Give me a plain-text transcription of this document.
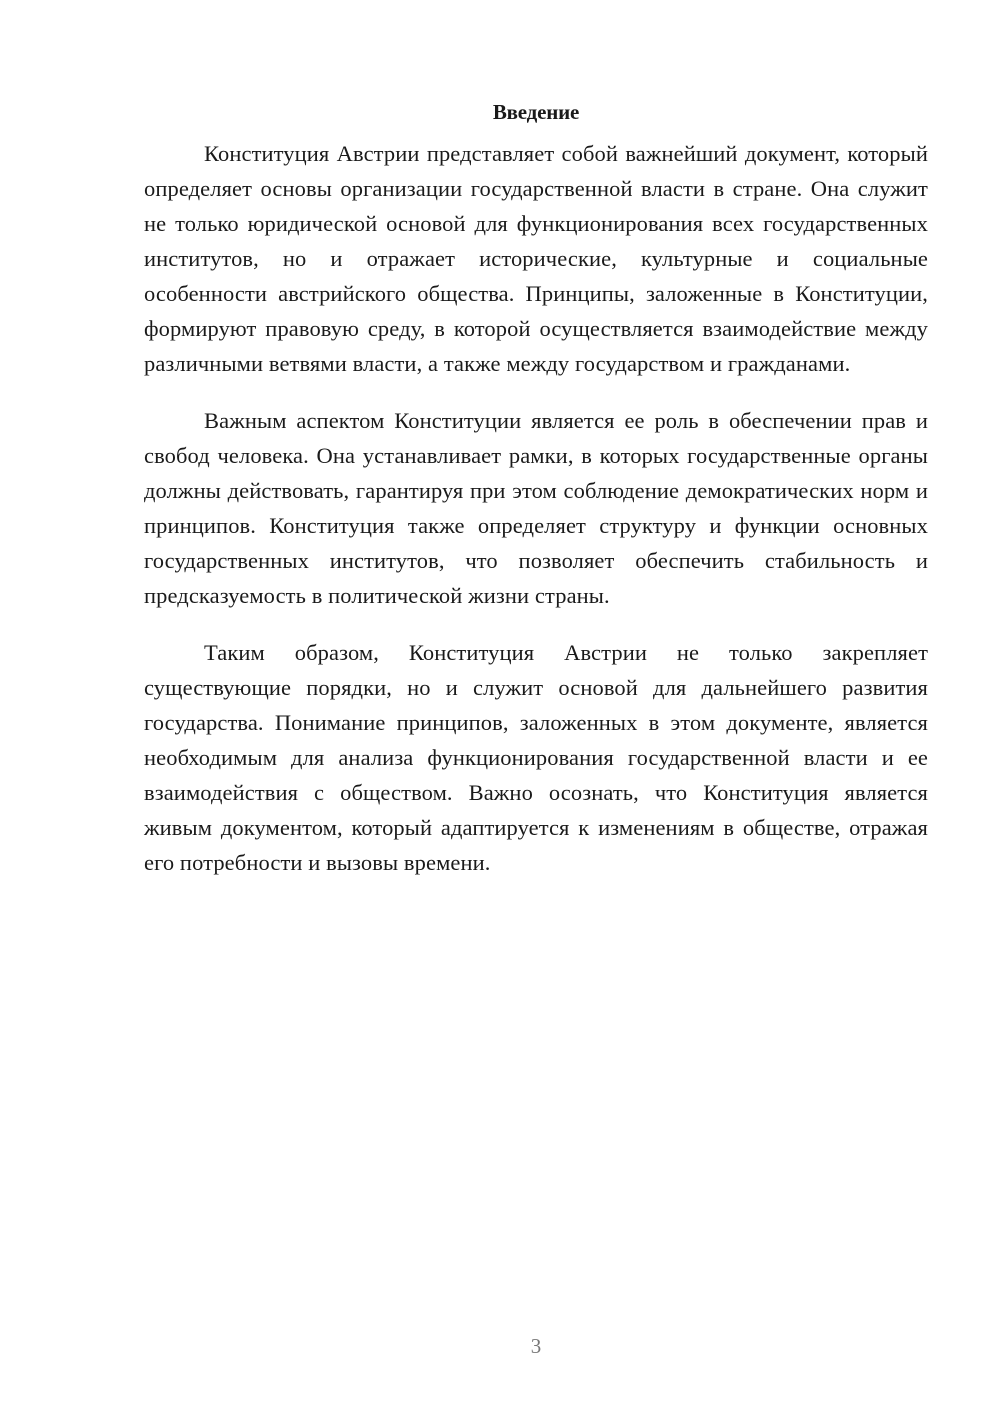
Введение

Конституция Австрии представляет собой важнейший документ, который определяет основы организации государственной власти в стране. Она служит не только юридической основой для функционирования всех государственных институтов, но и отражает исторические, культурные и социальные особенности австрийского общества. Принципы, заложенные в Конституции, формируют правовую среду, в которой осуществляется взаимодействие между различными ветвями власти, а также между государством и гражданами.

Важным аспектом Конституции является ее роль в обеспечении прав и свобод человека. Она устанавливает рамки, в которых государственные органы должны действовать, гарантируя при этом соблюдение демократических норм и принципов. Конституция также определяет структуру и функции основных государственных институтов, что позволяет обеспечить стабильность и предсказуемость в политической жизни страны.

Таким образом, Конституция Австрии не только закрепляет существующие порядки, но и служит основой для дальнейшего развития государства. Понимание принципов, заложенных в этом документе, является необходимым для анализа функционирования государственной власти и ее взаимодействия с обществом. Важно осознать, что Конституция является живым документом, который адаптируется к изменениям в обществе, отражая его потребности и вызовы времени.

3
